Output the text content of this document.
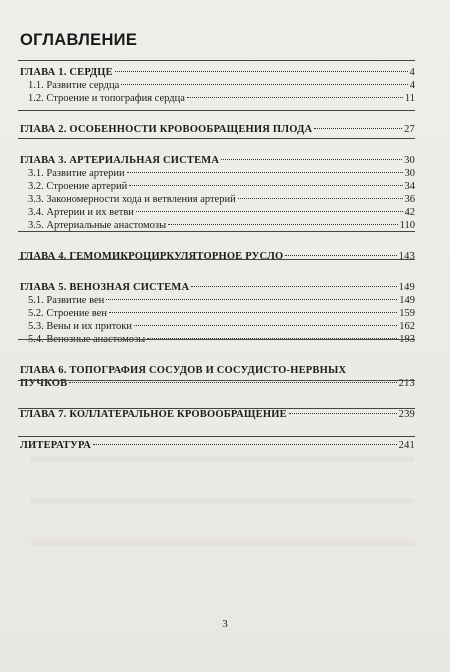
ОГЛАВЛЕНИЕ
ГЛАВА 1. СЕРДЦЕ	4
1.1. Развитие сердца	4
1.2. Строение и топография сердца	11
ГЛАВА 2. ОСОБЕННОСТИ КРОВООБРАЩЕНИЯ ПЛОДА	27
ГЛАВА 3. АРТЕРИАЛЬНАЯ СИСТЕМА	30
3.1. Развитие артерии	30
3.2. Строение артерий	34
3.3. Закономерности хода и ветвления артерий	36
3.4. Артерии и их ветви	42
3.5. Артериальные анастомозы	110
ГЛАВА 4. ГЕМОМИКРОЦИРКУЛЯТОРНОЕ РУСЛО	143
ГЛАВА 5. ВЕНОЗНАЯ СИСТЕМА	149
5.1. Развитие вен	149
5.2. Строение вен	159
5.3. Вены и их притоки	162
5.4. Венозные анастомозы	193
ГЛАВА 6. ТОПОГРАФИЯ СОСУДОВ И СОСУДИСТО-НЕРВНЫХ
ПУЧКОВ	213
ГЛАВА 7. КОЛЛАТЕРАЛЬНОЕ КРОВООБРАЩЕНИЕ	239
ЛИТЕРАТУРА	241
3
